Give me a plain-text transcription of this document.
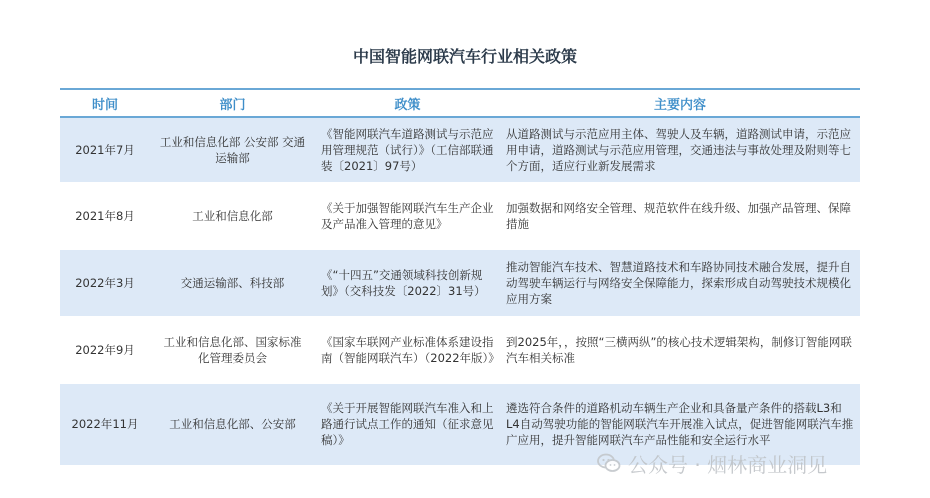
中国智能网联汽车行业相关政策
时间	部门	政策	主要内容
2021年7月	工业和信息化部 公安部 交通运输部	《智能网联汽车道路测试与示范应用管理规范（试行）》（工信部联通装〔2021〕97号）	从道路测试与示范应用主体、驾驶人及车辆，道路测试申请，示范应用申请，道路测试与示范应用管理，交通违法与事故处理及附则等七个方面，适应行业新发展需求
2021年8月	工业和信息化部	《关于加强智能网联汽车生产企业及产品准入管理的意见》	加强数据和网络安全管理、规范软件在线升级、加强产品管理、保障措施
2022年3月	交通运输部、科技部	《“十四五”交通领域科技创新规划》（交科技发〔2022〕31号）	推动智能汽车技术、智慧道路技术和车路协同技术融合发展，提升自动驾驶车辆运行与网络安全保障能力，探索形成自动驾驶技术规模化应用方案
2022年9月	工业和信息化部、国家标准化管理委员会	《国家车联网产业标准体系建设指南（智能网联汽车）（2022年版）》	到2025年，，按照“三横两纵”的核心技术逻辑架构，制修订智能网联汽车相关标准
2022年11月	工业和信息化部、公安部	《关于开展智能网联汽车准入和上路通行试点工作的通知（征求意见稿）》	遴选符合条件的道路机动车辆生产企业和具备量产条件的搭载L3和L4自动驾驶功能的智能网联汽车开展准入试点，促进智能网联汽车推广应用，提升智能网联汽车产品性能和安全运行水平
公众号 · 烟林商业洞见
